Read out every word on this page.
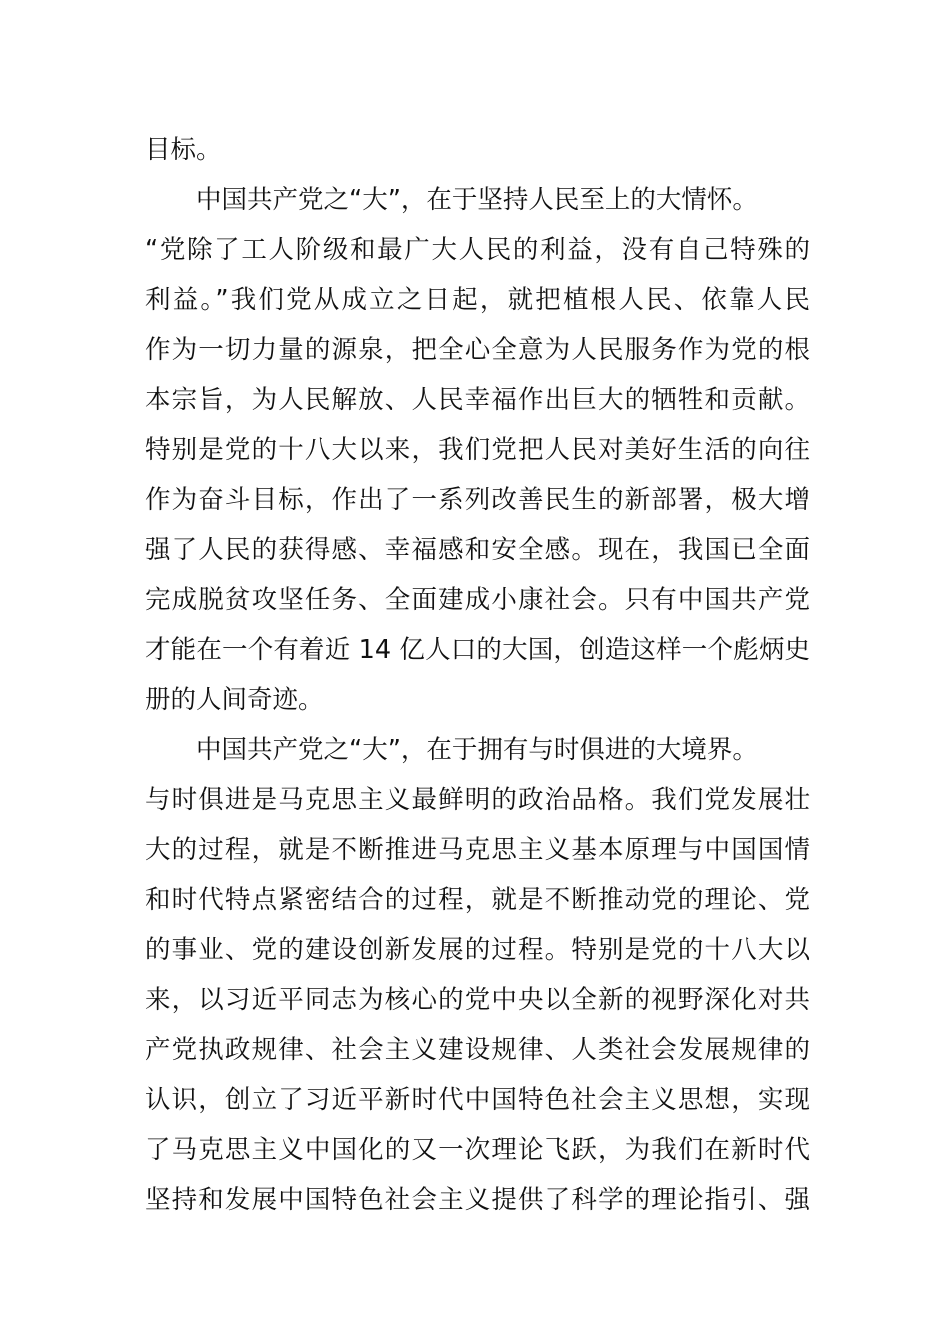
目标。
中国共产党之“大”，在于坚持人民至上的大情怀。
“党除了工人阶级和最广大人民的利益，没有自己特殊的
利益。”我们党从成立之日起，就把植根人民、依靠人民
作为一切力量的源泉，把全心全意为人民服务作为党的根
本宗旨，为人民解放、人民幸福作出巨大的牺牲和贡献。
特别是党的十八大以来，我们党把人民对美好生活的向往
作为奋斗目标，作出了一系列改善民生的新部署，极大增
强了人民的获得感、幸福感和安全感。现在，我国已全面
完成脱贫攻坚任务、全面建成小康社会。只有中国共产党
才能在一个有着近 14 亿人口的大国，创造这样一个彪炳史
册的人间奇迹。
中国共产党之“大”，在于拥有与时俱进的大境界。
与时俱进是马克思主义最鲜明的政治品格。我们党发展壮
大的过程，就是不断推进马克思主义基本原理与中国国情
和时代特点紧密结合的过程，就是不断推动党的理论、党
的事业、党的建设创新发展的过程。特别是党的十八大以
来，以习近平同志为核心的党中央以全新的视野深化对共
产党执政规律、社会主义建设规律、人类社会发展规律的
认识，创立了习近平新时代中国特色社会主义思想，实现
了马克思主义中国化的又一次理论飞跃，为我们在新时代
坚持和发展中国特色社会主义提供了科学的理论指引、强
